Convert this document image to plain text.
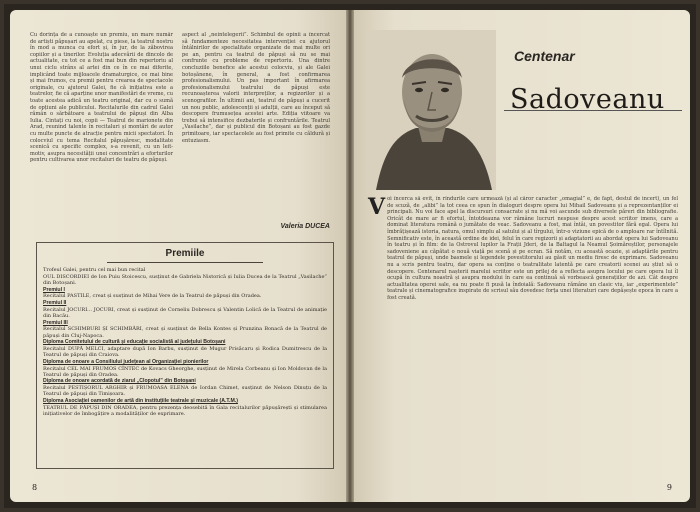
Cu dorința de a cunoaște un premiu, un mare număr de artiști păpușari au apelat, cu piese, la teatrul nostru în mod a munca cu efort și, în jur, de la zăbovirea copiilor și a tinerilor. Evoluția adecvării de dincolo de actualitate, cu tot ce a fost mai bun din repertoriu al unui ciclu strâns al artei din ce în ce mai diferite, implicând toate mijloacele dramaturgice, ce mai bine și mai frumos, cu premii pentru crearea de spectacole originale, cu ajutorul Galei, fie că inițiativa este a teatrelor, fie că aparține unor manifestări de vreme, cu toate acestea adică un teatru original, dar cu o sumă de opțiuni ale publicului. Recitalurile din cadrul Galei rămân o sărbătoare a teatrului de păpuși din Alba Iulia. Cintați cu noi, copii — Teatrul de marionete din Arad, reunind talente în recitaluri și montări de autor cu multe puncte de atracție pentru micii spectatori. În colocviul cu tema Recitalul păpușăresc, modalitate scenică cu specific complex, s-a revenit, cu un leit-motiv, asupra necesității unei concentrări a eforturilor pentru cultivarea unor recitaluri de teatru de păpuși.

aspect al „neintelegerii”. Schimbul de opinii a încercat să fundamenteze necesitatea intervenției cu ajutorul întâlnirilor de specialitate organizate de mai multe ori pe an, pentru ca teatrul de păpuși să nu se mai confrunte cu probleme de repertoriu. Una dintre concluziile benefice ale acestui colocviu, și ale Galei botoșănene, în general, a fost confirmarea profesionalismului. Un pas important în afirmarea profesionalismului teatrului de păpuși este recunoașterea valorii interpreților, a regizorilor și a scenografilor. În ultimii ani, teatrul de păpuși a cucerit un nou public, adolescenții și adulții, care au început să descopere frumusețea acestei arte. Ediția viitoare va trebui să intensifice dezbaterile și confruntările. Teatrul „Vasilache”, dar și publicul din Botoșani au fost gazde primitoare, iar spectacolele au fost primite cu căldură și entuziasm.

Valeria DUCEA
Premiile

Trofeul Galei, pentru cel mai bun recital

OUL DISCORDIEI de Ion Puiu Stoicescu, susținut de Gabriela Nistorică și Iulia Ducea de la Teatrul „Vasilache” din Botoșani.

Premiul I

Recitalul PASTILE, creat și susținut de Mihai Vere de la Teatrul de păpuși din Oradea.

Premiul II

Recitalul JOCURI... JOCURI, creat și susținut de Corneliu Dobrescu și Valentin Lolică de la Teatrul de animație din Bacău.

Premiul III

Recitalul SCHIMBURI ȘI SCHIMBĂRI, creat și susținut de Bella Kontes și Prunzina Bonacă de la Teatrul de păpuși din Cluj-Napoca.

Diploma Comitetului de cultură și educație socialistă al județului Botoșani

Recitalul DUPĂ MELCI, adaptare după Ion Barbu, susținut de Mugur Prisăcaru și Rodica Dumitrescu de la Teatrul de păpuși din Craiova.

Diploma de onoare a Consiliului județean al Organizației pionierilor

Recitalul CEL MAI FRUMOS CÎNTEC de Kovacs Gheorghe, susținut de Mirela Corbeanu și Ion Moldovan de la Teatrul de păpuși din Oradea.

Diploma de onoare acordată de ziarul „Clopotul” din Botoșani

Recitalul PESTIȘORUL ARGHIR și FRUMOASA ELENA de Iordan Chimet, susținut de Nelson Dinuțu de la Teatrul de păpuși din Timișoara.

Diploma Asociației oamenilor de artă din instituțiile teatrale și muzicale (A.T.M.)

TEATRUL DE PĂPUȘI DIN ORADEA, pentru prezența deosebită în Gala recitalurilor păpușărești și stimularea inițiativelor de îmbogățire a modalităților de exprimare.

8
Centenar
Sadoveanu
V oi încerca să evit, în rîndurile care urmează (și al căror caracter „omagial” e, de fapt, destul de incert), un fel de scuză, de „alibi” la tot ceea ce spun în dialoguri despre opera lui Mihail Sadoveanu și a reprezentanților ei principali. Nu voi face apel la discursuri consacrate și nu mă voi ascunde sub diversele păreri din bibliografie. Oricât de mare ar fi efortul, întotdeauna vor rămâne lucruri nespuse despre acest scriitor imens, care a dominat literatura română o jumătate de veac. Sadoveanu a fost, mai întâi, un povestitor fără egal. Opera lui îmbrățișează istoria, natura, omul simplu al satului și al tîrgului, într-o viziune epică de o amploare rar întîlnită. Semnificativ este, în această ordine de idei, felul în care regizorii și adaptatorii au abordat opera lui Sadoveanu în teatru și în film: de la Ostrovul lupilor la Frații Jderi, de la Baltagul la Neamul Șoimăreștilor, personajele sadoveniene au căpătat o nouă viață pe scenă și pe ecran. Să notăm, cu această ocazie, și adaptările pentru teatrul de păpuși, unde basmele și legendele povestitorului au găsit un mediu firesc de exprimare. Sadoveanu nu a scris pentru teatru, dar opera sa conține o teatralitate latentă pe care creatorii scenei au știut să o descopere. Centenarul nașterii marelui scriitor este un prilej de a reflecta asupra locului pe care opera lui îl ocupă în cultura noastră și asupra modului în care ea continuă să vorbească generațiilor de azi. Cât despre actualitatea operei sale, ea nu poate fi pusă la îndoială: Sadoveanu rămâne un clasic viu, iar „experimentele” teatrale și cinematografice inspirate de scrisul său dovedesc forța unei literaturi care depășește epoca în care a fost creată.

9
